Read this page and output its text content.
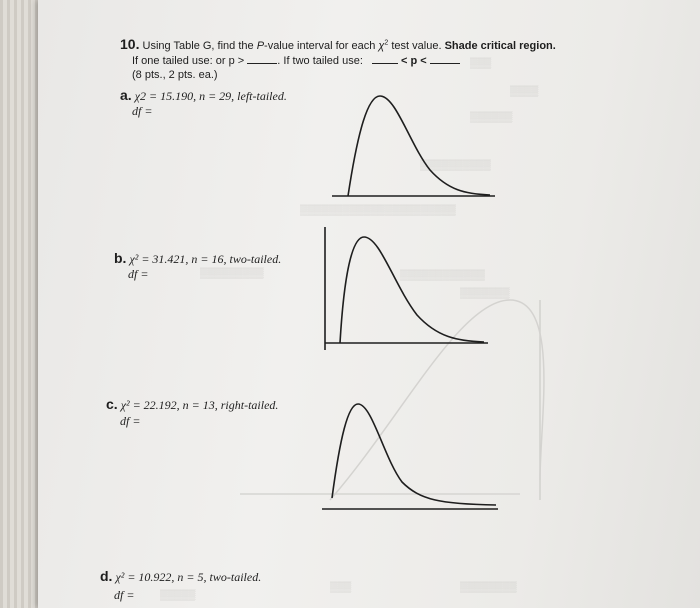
▒▒▒
▒▒▒▒
▒▒▒▒▒▒
▒▒▒▒▒▒▒▒▒▒
▒▒▒▒▒▒▒▒▒▒▒▒▒▒▒▒▒▒▒▒▒▒
▒▒▒▒▒▒▒▒▒	▒▒▒▒▒▒▒▒▒▒▒▒
▒▒▒▒▒▒▒
▒▒▒▒▒
▒▒▒	▒▒▒▒▒▒▒▒
10. Using Table G, find the P-value interval for each $\chi^2$ test value. Shade critical region.
If one tailed use: or p >	. If two tailed use:	< p <
(8 pts., 2 pts. ea.)
a. χ2 = 15.190, n = 29, left-tailed.
df =
b. χ² = 31.421, n = 16, two-tailed.
df =
c. χ² = 22.192, n = 13, right-tailed.
df =
d. χ² = 10.922, n = 5, two-tailed.
df =
